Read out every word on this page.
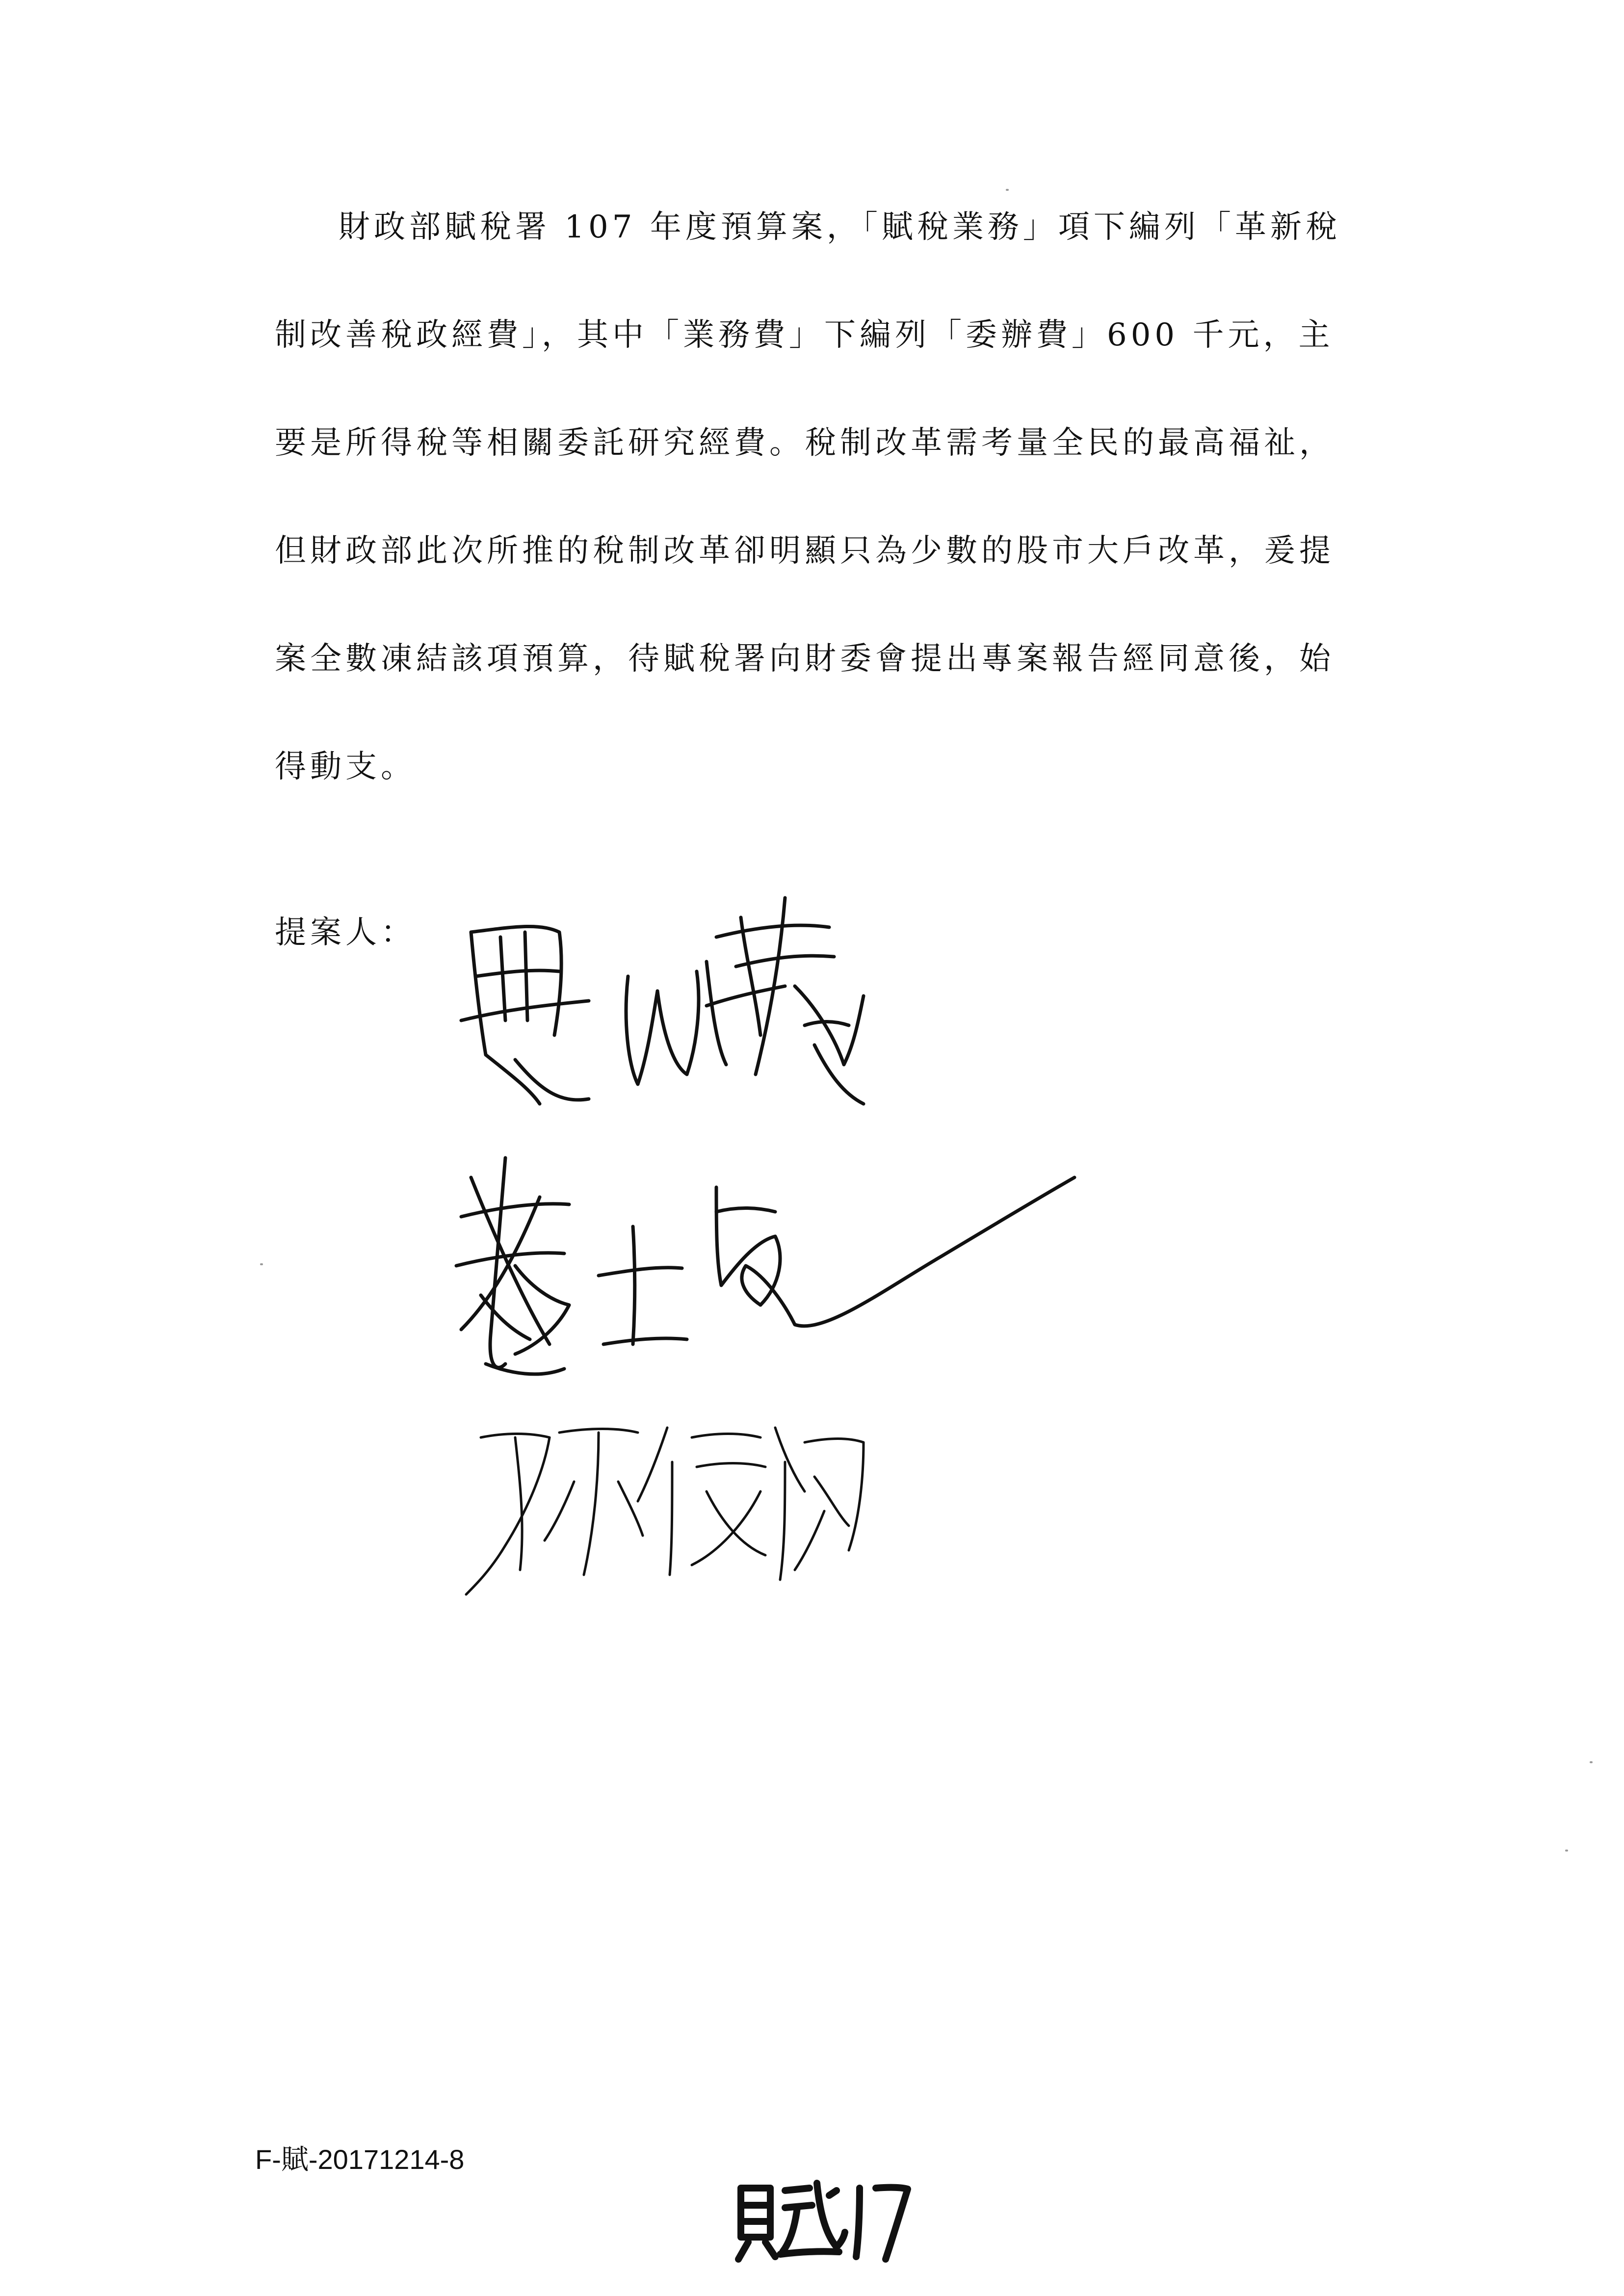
財政部賦稅署 107 年度預算案，「賦稅業務」項下編列「革新稅
制改善稅政經費」，其中「業務費」下編列「委辦費」600 千元，主
要是所得稅等相關委託研究經費。稅制改革需考量全民的最高福祉，
但財政部此次所推的稅制改革卻明顯只為少數的股市大戶改革，爰提
案全數凍結該項預算，待賦稅署向財委會提出專案報告經同意後，始
得動支。
提案人：
F-賦-20171214-8
